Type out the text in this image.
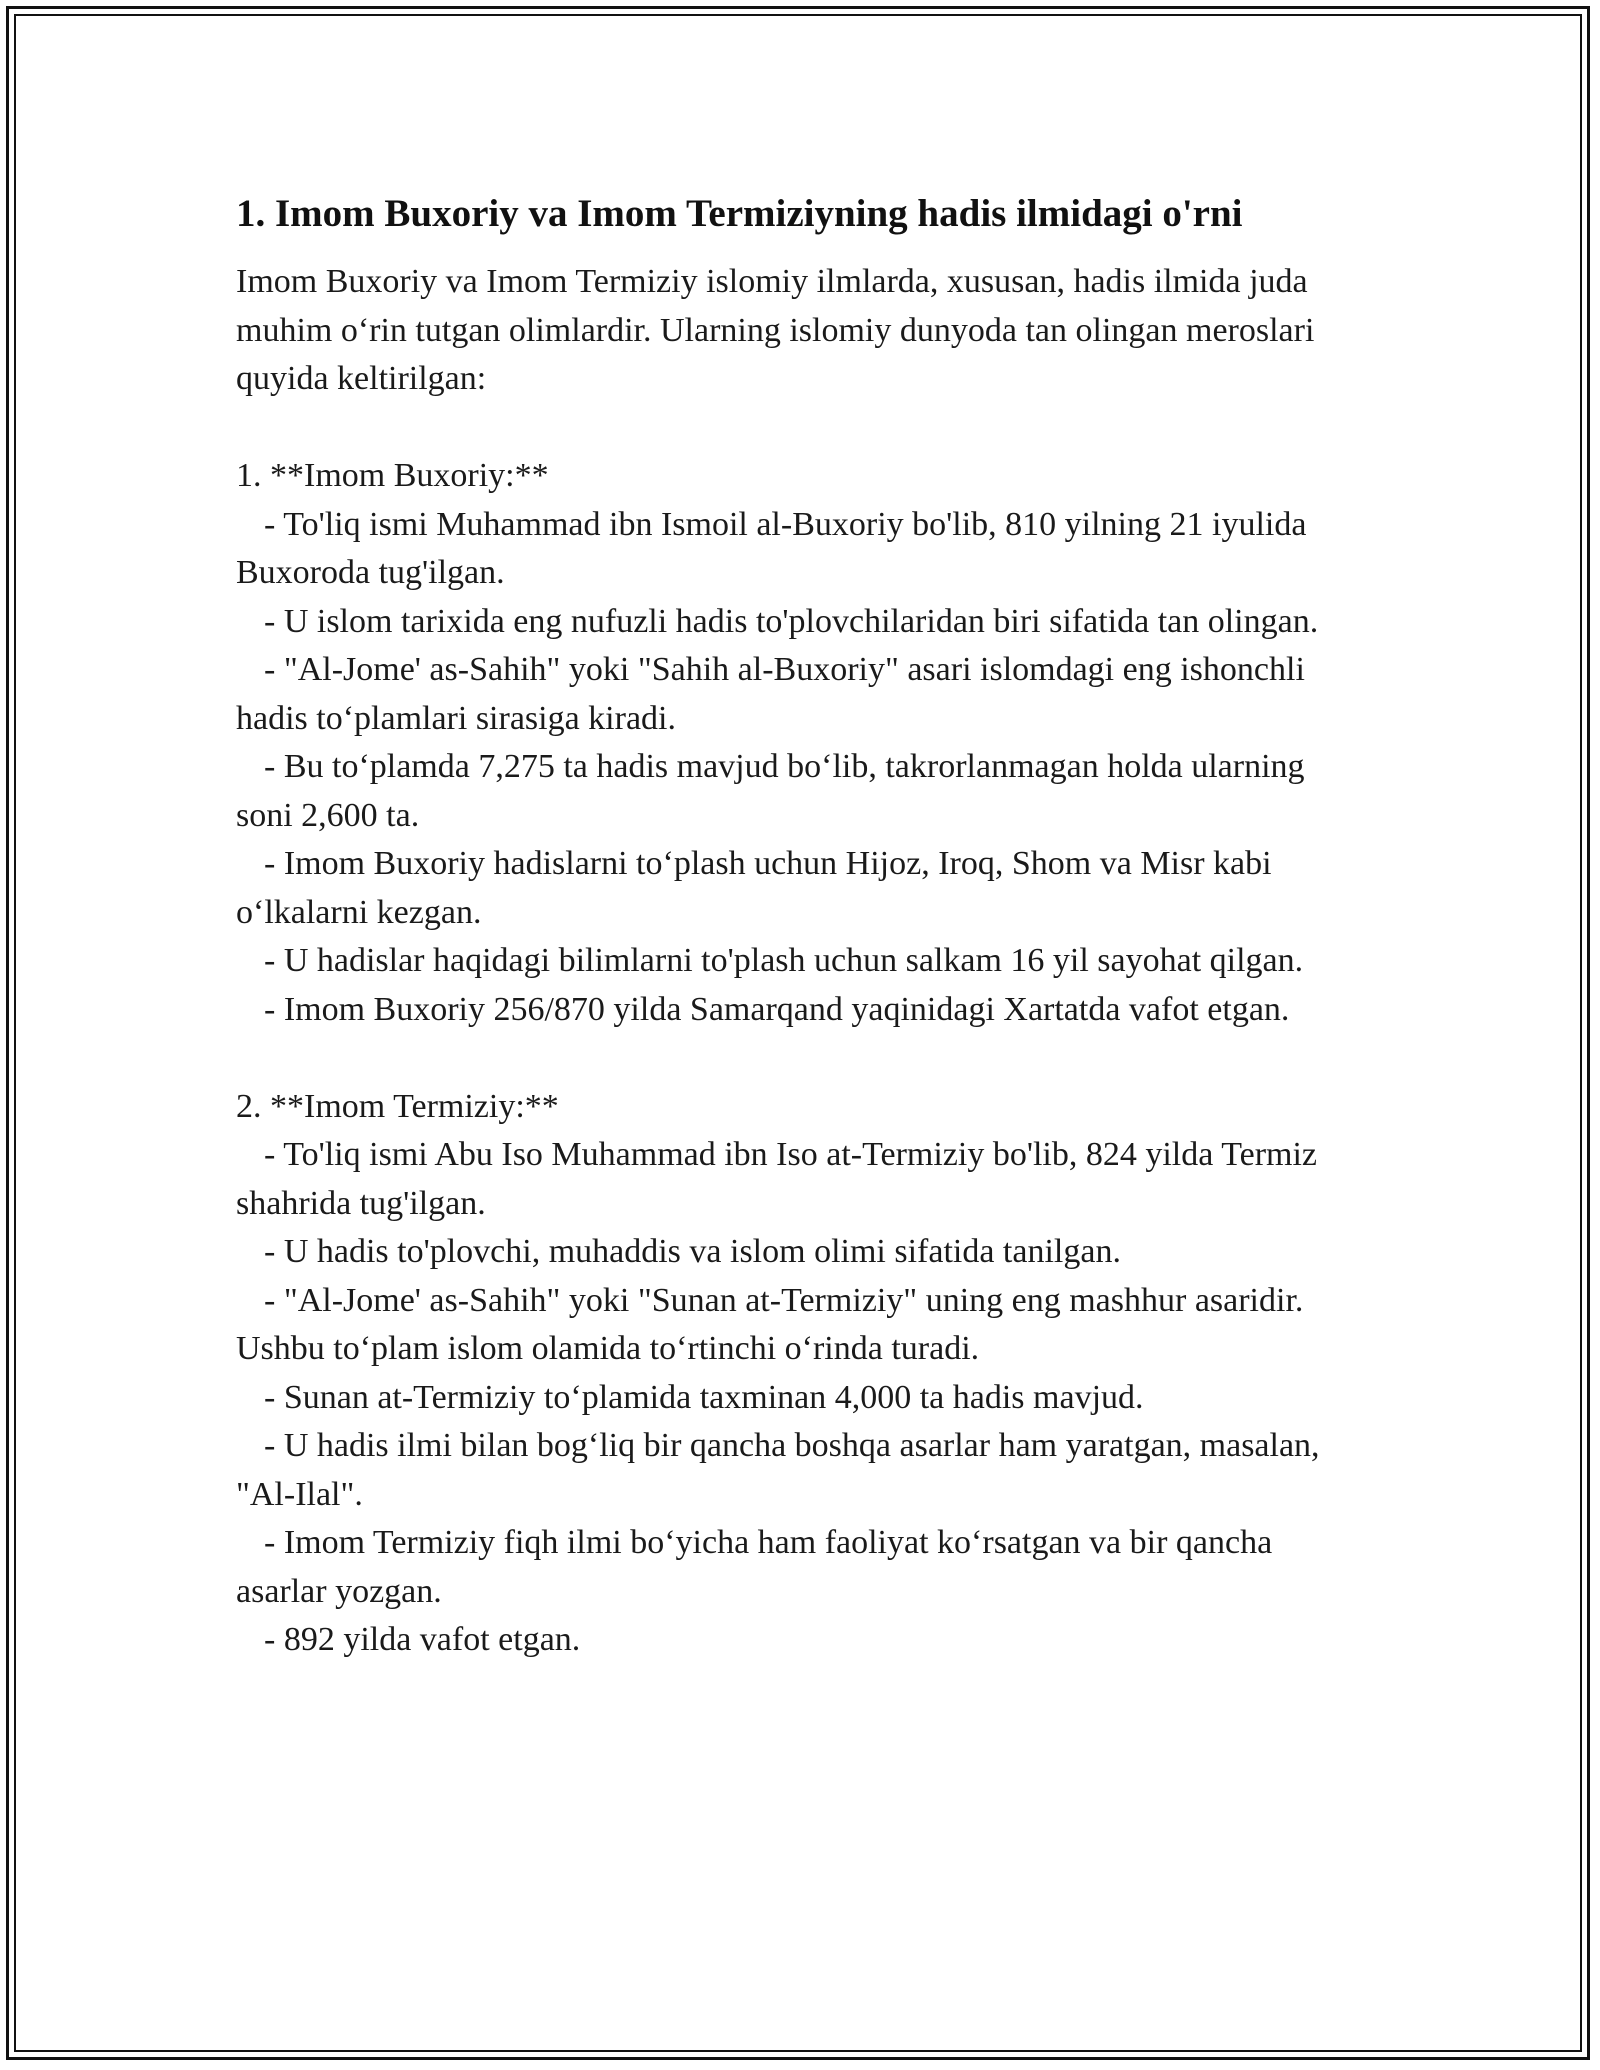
1. Imom Buxoriy va Imom Termiziyning hadis ilmidagi o'rni

Imom Buxoriy va Imom Termiziy islomiy ilmlarda, xususan, hadis ilmida juda muhim o‘rin tutgan olimlardir. Ularning islomiy dunyoda tan olingan meroslari quyida keltirilgan:

1. **Imom Buxoriy:**

- To'liq ismi Muhammad ibn Ismoil al-Buxoriy bo'lib, 810 yilning 21 iyulida Buxoroda tug'ilgan.

- U islom tarixida eng nufuzli hadis to'plovchilaridan biri sifatida tan olingan.

- "Al-Jome' as-Sahih" yoki "Sahih al-Buxoriy" asari islomdagi eng ishonchli hadis to‘plamlari sirasiga kiradi.

- Bu to‘plamda 7,275 ta hadis mavjud bo‘lib, takrorlanmagan holda ularning soni 2,600 ta.

- Imom Buxoriy hadislarni to‘plash uchun Hijoz, Iroq, Shom va Misr kabi o‘lkalarni kezgan.

- U hadislar haqidagi bilimlarni to'plash uchun salkam 16 yil sayohat qilgan.

- Imom Buxoriy 256/870 yilda Samarqand yaqinidagi Xartatda vafot etgan.

2. **Imom Termiziy:**

- To'liq ismi Abu Iso Muhammad ibn Iso at-Termiziy bo'lib, 824 yilda Termiz shahrida tug'ilgan.

- U hadis to'plovchi, muhaddis va islom olimi sifatida tanilgan.

- "Al-Jome' as-Sahih" yoki "Sunan at-Termiziy" uning eng mashhur asaridir. Ushbu to‘plam islom olamida to‘rtinchi o‘rinda turadi.

- Sunan at-Termiziy to‘plamida taxminan 4,000 ta hadis mavjud.

- U hadis ilmi bilan bog‘liq bir qancha boshqa asarlar ham yaratgan, masalan, "Al-Ilal".

- Imom Termiziy fiqh ilmi bo‘yicha ham faoliyat ko‘rsatgan va bir qancha asarlar yozgan.

- 892 yilda vafot etgan.
